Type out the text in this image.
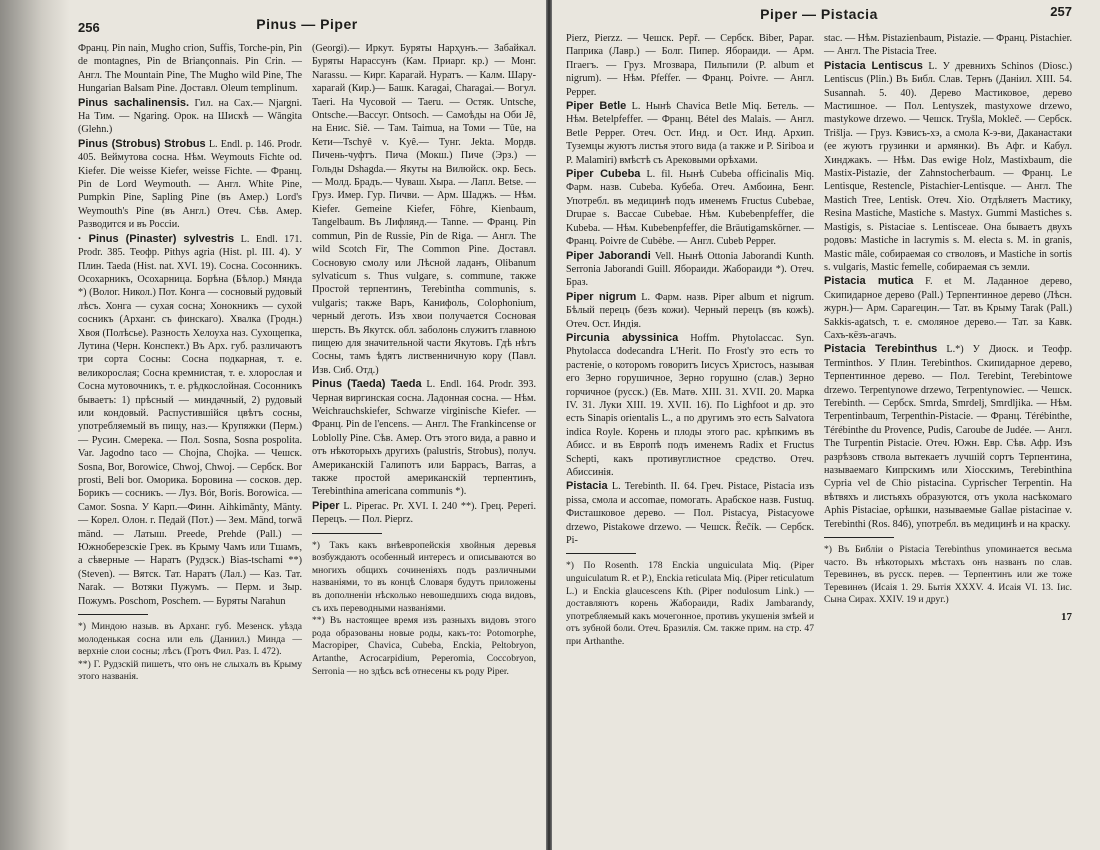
256	Pinus — Piper

Франц. Pin nain, Mugho crion, Suffis, Torche-pin, Pin de montagnes, Pin de Briançonnais. Pin Crin. — Англ. The Mountain Pine, The Mugho wild Pine, The Hungarian Balsam Pine. Доставл. Oleum templinum.

Pinus sachalinensis. Гил. на Сах.— Njargnі. На Тим. — Ngarіng. Орок. на Шискѣ — Wāngita (Glehn.)

Pinus (Strobus) Strobus L. Endl. p. 146. Prodr. 405. Веймутова сосна. Нѣм. Weymouts Fichte od. Kiefer. Die weisse Kiefer, weisse Fichte. — Франц. Pin de Lord Weymouth. — Англ. White Pine, Pumpkin Pine, Sapling Pine (въ Амер.) Lord's Weymouth's Pine (въ Англ.) Отеч. Сѣв. Амер. Разводится и въ Россіи.

· Pinus (Pinaster) sylvestris L. Endl. 171. Prodr. 385. Теофр. Pithys agria (Hist. pl. III. 4). У Плин. Taeda (Hist. nat. XVI. 19). Сосна. Сосонникъ. Осохарникъ, Осохарница. Борѣна (Бѣлор.) Мянда *) (Волог. Никол.) Пот. Конга — сосновый рудовый лѣсъ. Хонга — сухая сосна; Хонокникъ — сухой сосникъ (Арханг. съ финскаго). Хвалка (Гродн.) Хвоя (Полѣсье). Разность Хелоуха наз. Сухощепка, Лутина (Черн. Конспект.) Въ Арх. губ. различаютъ три сорта Сосны: Сосна подкарная, т. е. великорослая; Сосна кремнистая, т. е. хлорослая и Сосна мутовочникъ, т. е. рѣдкослойная. Сосонникъ бываетъ: 1) прѣсный — миндачный, 2) рудовый или кондовый. Распустившійся цвѣтъ сосны, употребляемый въ пищу, наз.— Крупяжки (Перм.) — Русин. Смерека. — Пол. Sosna, Sosna pospolita. Var. Jagodno taco — Chojna, Chojka. — Чешск. Sosna, Bor, Borowice, Chwoj, Chwoj. — Сербск. Bor prosti, Beli bor. Оморика. Боровина — сосков. дер. Борикъ — сосникъ. — Луз. Bór, Boris. Borowica. — Самог. Sosna. У Карп.—Финн. Aihkimānty, Mänty.— Корел. Олон. г. Педай (Пот.) — Зем. Mänd, torwā mänd. — Латыш. Preede, Prehde (Pall.) — Южноберезскіе Грек. въ Крыму Чамъ или Тшамъ, а сѣверные — Наратъ (Рудзск.) Bias-tschami **) (Steven). — Вятск. Тат. Наратъ (Лал.) — Каз. Тат. Narak. — Вотяки Пужумъ. — Перм. и Зыр. Пожумъ. Poschom, Poschem. — Буряты Narahun

*) Миндою назыв. въ Арханг. губ. Мезенск. уѣзда молоденькая сосна или ель (Даниил.) Минда — верхніе слои сосны; лѣсъ (Гротъ Фил. Раз. I. 472).

**) Г. Рудзскій пишетъ, что онъ не слыхалъ въ Крыму этого названія.

(Georgi).— Иркут. Буряты Нарҳунъ.— Забайкал. Буряты Нарассунъ (Кам. Приарг. кр.) — Монг. Narassu. — Кирг. Карагай. Нуратъ. — Калм. Шару-харагай (Кир.)— Башк. Karagai, Charagai.— Вогул. Taeri. На Чусовой — Taeru. — Остяк. Untsche, Ontsche.—Вассуг. Ontsoch. — Самоѣды на Оби Jê, на Енис. Siê. — Там. Taimua, на Томи — Tûe, на Кети—Tschyê v. Kyê.— Тунг. Jekta. Мордв. Пичень-чуфтъ. Пича (Мокш.) Пиче (Эрз.) — Гольды Dshagda.— Якуты на Вилюйск. окр. Бесь. — Молд. Брадъ.— Чуваш. Хыра. — Лапл. Betse. — Груз. Имер. Гур. Пичви. — Арм. Шаджъ. — Нѣм. Kiefer. Gemeine Kiefer, Föhre, Kienbaum, Tangelbaum. Въ Лифлянд.— Tanne. — Франц. Pin commun, Pin de Russie, Pin de Riga. — Англ. The wild Scotch Fir, The Common Pine. Доставл. Сосновую смолу или Лѣсной ладанъ, Olibanum sylvaticum s. Thus vulgare, s. commune, также Простой терпентинъ, Terebintha communis, s. vulgaris; также Варъ, Канифоль, Colophonium, черный деготь. Изъ хвои получается Сосновая шерсть. Въ Якутск. обл. заболонь служитъ главною пищею для значительной части Якутовъ. Гдѣ нѣтъ Сосны, тамъ ѣдятъ лиственничную кору (Павл. Изв. Сиб. Отд.)

Pinus (Taeda) Taeda L. Endl. 164. Prodr. 393. Черная виргинская сосна. Ладонная сосна. — Нѣм. Weichrauchskiefer, Schwarze virginische Kiefer. — Франц. Pin de l'encens. — Англ. The Frankincense or Loblolly Pine. Сѣв. Амер. Отъ этого вида, а равно и отъ нѣкоторыхъ другихъ (palustris, Strobus), получ. Американскій Галипотъ или Барраcъ, Barras, а также простой американскій терпентинъ, Terebinthina americana communis *).

Piper L. Piperac. Pr. XVI. I. 240 **). Грец. Peperi. Перецъ. — Пол. Pieprz.

*) Такъ какъ внѣевропейскія хвойныя деревья возбуждаютъ особенный интересъ и описываются во многихъ общихъ сочиненіяхъ подъ различными названіями, то въ концѣ Словаря будутъ приложены въ дополненіи нѣсколько невошедшихъ сюда видовъ, съ ихъ переводными названіями.

**) Въ настоящее время изъ разныхъ видовъ этого рода образованы новые роды, какъ-то: Potomorphe, Macropiper, Chavica, Cubeba, Enckia, Peltobryon, Artanthe, Acrocarpidium, Peperomia, Coccobryon, Serronia — но здѣсь всѣ отнесены къ роду Piper.

Piper — Pistacia	257

Pierz, Pierzz. — Чешск. Pepř. — Сербск. Biber, Papar. Паприка (Лавр.) — Болг. Пипер. Ябораиди. — Арм. Пгаегъ. — Груз. Мгозвара, Пильпили (P. album et nigrum). — Нѣм. Pfeffer. — Франц. Poivre. — Англ. Pepper.

Piper Betle L. Нынѣ Chavica Betle Miq. Бетель. — Нѣм. Betelpfeffer. — Франц. Bétel des Malais. — Англ. Betle Pepper. Отеч. Ост. Инд. и Ост. Инд. Архип. Туземцы жуютъ листья этого вида (а также и P. Siriboa и P. Malamiri) вмѣстѣ съ Арековыми орѣхами.

Piper Cubeba L. fil. Нынѣ Cubeba officinalis Miq. Фарм. назв. Cubeba. Кубеба. Отеч. Амбоина, Бенг. Употребл. въ медицинѣ подъ именемъ Fructus Cubebae, Drupae s. Baccae Cubebae. Нѣм. Kubebenpfeffer, die Kubeba. — Нѣм. Kubebenpfeffer, die Bräutigamskörner. — Франц. Poivre de Cubèbe. — Англ. Cubeb Pepper.

Piper Jaborandi Vell. Нынѣ Ottonia Jaborandi Kunth. Serronia Jaborandi Guill. Ябораиди. Жабораиди *). Отеч. Браз.

Piper nigrum L. Фарм. назв. Piper album et nigrum. Бѣлый перецъ (безъ кожи). Черный перецъ (въ кожѣ). Отеч. Ост. Индія.

Pircunia abyssinica Hoffm. Phytolaccac. Syn. Phytolacca dodecandra L'Herit. По Frost'у это есть то растеніе, о которомъ говоритъ Іисусъ Христосъ, называя его Зерно горушичное, Зерно горушно (слав.) Зерно горчичное (русск.) (Ев. Матѳ. XIII. 31. XVII. 20. Марка IV. 31. Луки XIII. 19. XVII. 16). По Lighfoot и др. это есть Sinapis orientalis L., а по другимъ это есть Salvatora indica Royle. Корень и плоды этого рас. крѣпкимъ въ Абисс. и въ Европѣ подъ именемъ Radix et Fructus Schepti, какъ противуглистное средство. Отеч. Абиссинія.

Pistacia L. Terebinth. II. 64. Греч. Pistace, Pistacia изъ pissa, смола и ассomae, помогать. Арабское назв. Fustuq. Фисташковое дерево. — Пол. Pistacya, Pistacyowe drzewo, Pistakowe drzewo. — Чешск. Řečík. — Сербск. Pi-

*) По Rosenth. 178 Enckia unguiculata Miq. (Piper unguiculatum R. et P.), Enckia reticulata Miq. (Piper reticulatum L.) и Enckia glaucescens Kth. (Piper nodulosum Link.) — доставляютъ корень Жабораиди, Radix Jambarandy, употребляемый какъ мочегонное, противъ укушенія змѣей и отъ зубной боли. Отеч. Бразилія. См. также прим. на стр. 47 при Arthanthe.

stac. — Нѣм. Pistazienbaum, Pistazie. — Франц. Pistachier. — Англ. The Pistacia Tree.

Pistacia Lentiscus L. У древнихъ Schinos (Diosc.) Lentiscus (Plin.) Въ Библ. Слав. Тернъ (Даніил. XIII. 54. Susannah. 5. 40). Дерево Мастиковое, дерево Мастишное. — Пол. Lentyszek, mastyxowe drzewo, mastykowe drzewo. — Чешск. Tryšla, Mokleč. — Сербск. Trišlja. — Груз. Кэвисъ-хэ, а смола К-э-ви, Даканастаки (ее жуютъ грузинки и армянки). Въ Афг. и Кабул. Хинджакъ. — Нѣм. Das ewige Holz, Mastixbaum, die Mastix-Pistazie, der Zahnstocherbaum. — Франц. Le Lentisque, Restencle, Pistachier-Lentisque. — Англ. The Mastich Tree, Lentisk. Отеч. Хіо. Отдѣляетъ Мастику, Resina Mastiche, Mastiche s. Mastyx. Gummi Mastiches s. Mastigis, s. Pistaciae s. Lentisceae. Она бываетъ двухъ родовъ: Mastiche in lacrymis s. M. electa s. M. in granis, Mastic mâle, собираемая со стволовъ, и Mastiche in sortis s. vulgaris, Mastic femelle, собираемая съ земли.

Pistacia mutica F. et M. Ладанное дерево, Скипидарное дерево (Pall.) Терпентинное дерево (Лѣсн. журн.)— Арм. Сарагецин.— Тат. въ Крыму Tarak (Pall.) Sakkis-agatsch, т. е. смоляное дерево.— Тат. за Кавк. Сахъ-кёзъ-агачъ.

Pistacia Terebinthus L.*) У Диоск. и Теофр. Terminthos. У Плин. Terebinthos. Скипидарное дерево, Терпентинное дерево. — Пол. Terebint, Terebintowe drzewo. Terpentynowe drzewo, Terpentynowiec. — Чешск. Terebinth. — Сербск. Smrda, Smrdelj, Smrdljika. — Нѣм. Terpentinbaum, Terpenthin-Pistacie. — Франц. Térébinthe, Térébinthe du Provence, Pudis, Caroube de Judée. — Англ. The Turpentin Pistacie. Отеч. Южн. Евр. Сѣв. Афр. Изъ разрѣзовъ ствола вытекаетъ лучшій сортъ Терпентина, называемаго Кипрскимъ или Хіосскимъ, Terebinthina Cypria vel de Chio pistacina. Cyprischer Terpentin. На вѣтвяхъ и листьяхъ образуются, отъ укола насѣкомаго Aphis Pistaciae, орѣшки, называемые Gallae pistaciпае v. Terebinthi (Ros. 846), употребл. въ медицинѣ и на краску.

*) Въ Библіи о Pistacia Terebinthus упоминается весьма часто. Въ нѣкоторыхъ мѣстахъ онъ названъ по слав. Теревинѳъ, въ русск. перев. — Терпентинъ или же тоже Теревинѳъ (Исаія 1. 29. Бытія XXXV. 4. Исаія VI. 13. Іис. Сына Сирах. XXIV. 19 и друг.)

17
